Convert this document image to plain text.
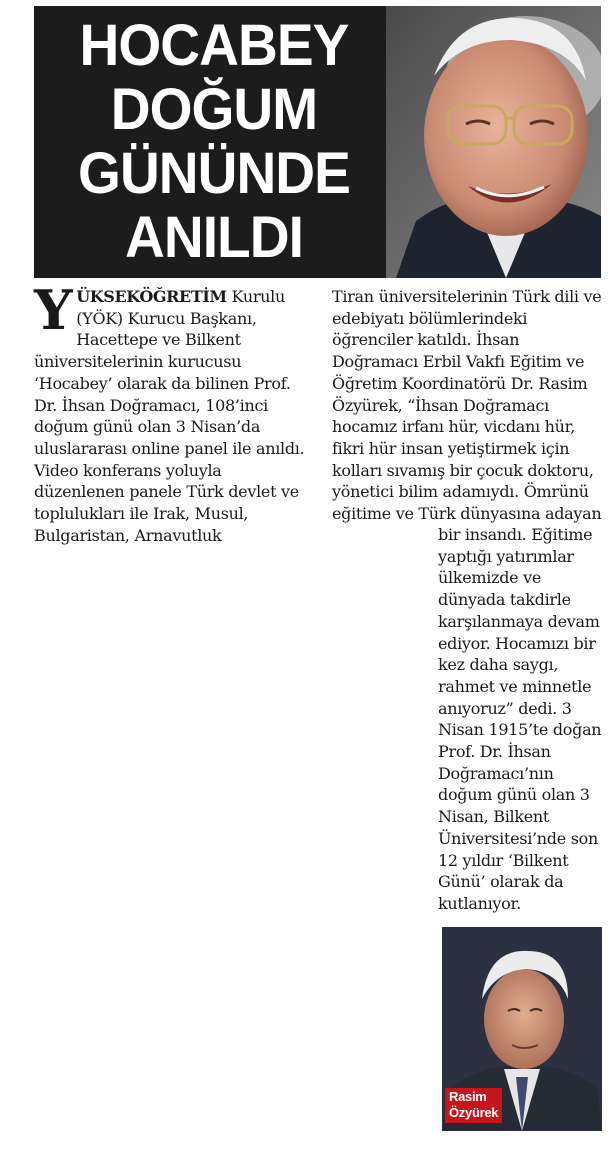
HOCABEY
DOĞUM
GÜNÜNDE
ANILDI
Y ÜKSEKÖĞRETİM Kurulu (YÖK) Kurucu Başkanı, Hacettepe ve Bilkent üniversitelerinin kurucusu ‘Hocabey’ olarak da bilinen Prof. Dr. İhsan Doğramacı, 108’inci doğum günü olan 3 Nisan’da uluslararası online panel ile anıldı. Video konferans yoluyla düzenlenen panele Türk devlet ve toplulukları ile Irak, Musul, Bulgaristan, Arnavutluk

Tiran üniversitelerinin Türk dili ve edebiyatı bölümlerindeki öğrenciler katıldı. İhsan Doğramacı Erbil Vakfı Eğitim ve Öğretim Koordinatörü Dr. Rasim Özyürek, “İhsan Doğramacı hocamız irfanı hür, vicdanı hür, fikri hür insan yetiştirmek için kolları sıvamış bir çocuk doktoru, yönetici bilim adamıydı. Ömrünü eğitime ve Türk dünyasına adayan

bir insandı. Eğitime yaptığı yatırımlar ülkemizde ve dünyada takdirle karşılanmaya devam ediyor. Hocamızı bir kez daha saygı, rahmet ve minnetle anıyoruz” dedi. 3 Nisan 1915’te doğan Prof. Dr. İhsan Doğramacı’nın doğum günü olan 3 Nisan, Bilkent Üniversitesi’nde son 12 yıldır ‘Bilkent Günü’ olarak da kutlanıyor.

Rasim
Özyürek
